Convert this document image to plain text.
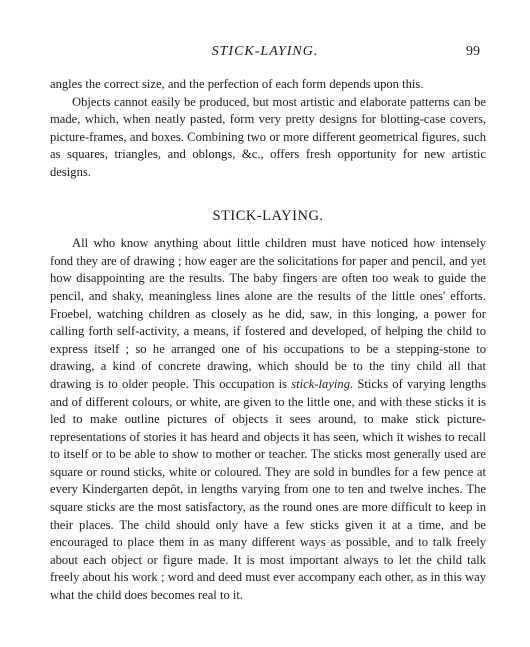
STICK-LAYING.	99

angles the correct size, and the perfection of each form depends upon this.

Objects cannot easily be produced, but most artistic and elaborate patterns can be made, which, when neatly pasted, form very pretty designs for blotting-case covers, picture-frames, and boxes. Combining two or more different geometrical figures, such as squares, triangles, and oblongs, &c., offers fresh opportunity for new artistic designs.

STICK-LAYING.

All who know anything about little children must have noticed how intensely fond they are of drawing ; how eager are the solicitations for paper and pencil, and yet how disappointing are the results. The baby fingers are often too weak to guide the pencil, and shaky, meaningless lines alone are the results of the little ones' efforts. Froebel, watching children as closely as he did, saw, in this longing, a power for calling forth self-activity, a means, if fostered and developed, of helping the child to express itself ; so he arranged one of his occupations to be a stepping-stone to drawing, a kind of concrete drawing, which should be to the tiny child all that drawing is to older people. This occupation is stick-laying. Sticks of varying lengths and of different colours, or white, are given to the little one, and with these sticks it is led to make outline pictures of objects it sees around, to make stick picture-representations of stories it has heard and objects it has seen, which it wishes to recall to itself or to be able to show to mother or teacher. The sticks most generally used are square or round sticks, white or coloured. They are sold in bundles for a few pence at every Kindergarten depôt, in lengths varying from one to ten and twelve inches. The square sticks are the most satisfactory, as the round ones are more difficult to keep in their places. The child should only have a few sticks given it at a time, and be encouraged to place them in as many different ways as possible, and to talk freely about each object or figure made. It is most important always to let the child talk freely about his work ; word and deed must ever accompany each other, as in this way what the child does becomes real to it.
